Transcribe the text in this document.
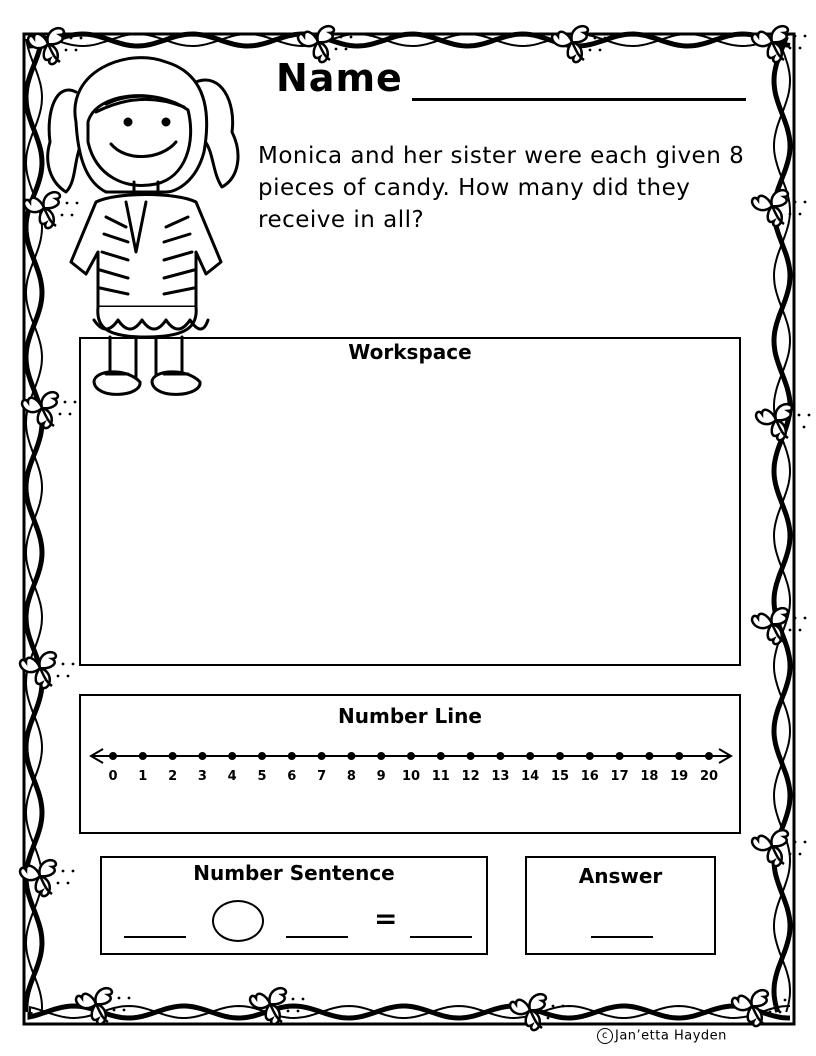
Name
Monica and her sister were each given 8 pieces of candy. How many did they receive in all?
Workspace
Number Line
0 1 2 3 4 5 6 7 8 9 10 11 12 13 14 15 16 17 18 19 20
Number Sentence
=
Answer
c Jan’etta Hayden
